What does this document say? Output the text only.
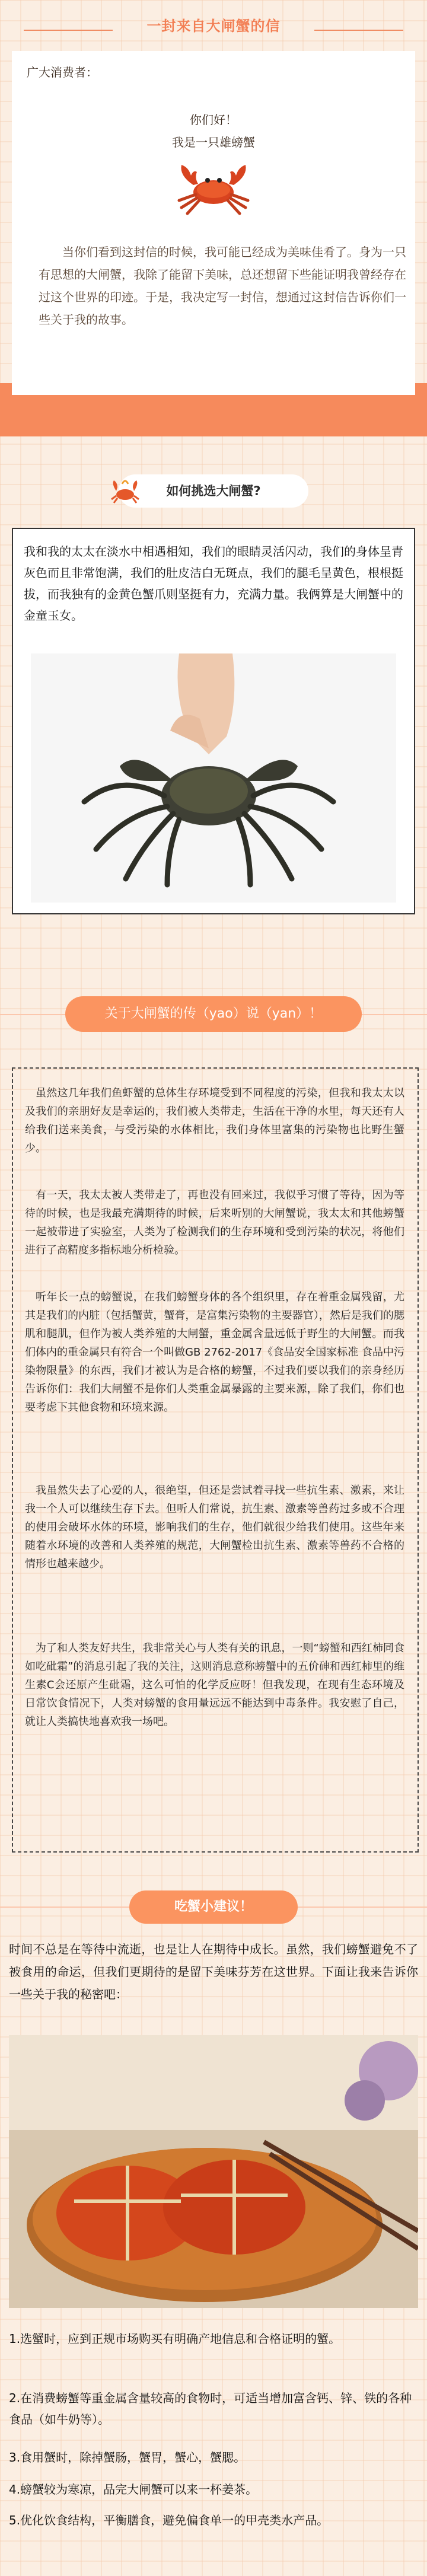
一封来自大闸蟹的信
广大消费者：
你们好！
我是一只雄螃蟹
当你们看到这封信的时候，我可能已经成为美味佳肴了。身为一只有思想的大闸蟹，我除了能留下美味，总还想留下些能证明我曾经存在过这个世界的印迹。于是，我决定写一封信，想通过这封信告诉你们一些关于我的故事。
如何挑选大闸蟹?
我和我的太太在淡水中相遇相知，我们的眼睛灵活闪动，我们的身体呈青灰色而且非常饱满，我们的肚皮洁白无斑点，我们的腿毛呈黄色，根根挺拔，而我独有的金黄色蟹爪则坚挺有力，充满力量。我俩算是大闸蟹中的金童玉女。
关于大闸蟹的传（yao）说（yan）！
虽然这几年我们鱼虾蟹的总体生存环境受到不同程度的污染，但我和我太太以及我们的亲朋好友是幸运的，我们被人类带走，生活在干净的水里，每天还有人给我们送来美食，与受污染的水体相比，我们身体里富集的污染物也比野生蟹少。
有一天，我太太被人类带走了，再也没有回来过，我似乎习惯了等待，因为等待的时候，也是我最充满期待的时候，后来听别的大闸蟹说，我太太和其他螃蟹一起被带进了实验室，人类为了检测我们的生存环境和受到污染的状况，将他们进行了高精度多指标地分析检验。
听年长一点的螃蟹说，在我们螃蟹身体的各个组织里，存在着重金属残留，尤其是我们的内脏（包括蟹黄，蟹膏，是富集污染物的主要器官），然后是我们的腮肌和腿肌，但作为被人类养殖的大闸蟹，重金属含量远低于野生的大闸蟹。而我们体内的重金属只有符合一个叫做GB 2762-2017《食品安全国家标准 食品中污染物限量》的东西，我们才被认为是合格的螃蟹，不过我们要以我们的亲身经历告诉你们：我们大闸蟹不是你们人类重金属暴露的主要来源，除了我们，你们也要考虑下其他食物和环境来源。
我虽然失去了心爱的人，很绝望，但还是尝试着寻找一些抗生素、激素，来让我一个人可以继续生存下去。但听人们常说，抗生素、激素等兽药过多或不合理的使用会破坏水体的环境，影响我们的生存，他们就很少给我们使用。这些年来随着水环境的改善和人类养殖的规范，大闸蟹检出抗生素、激素等兽药不合格的情形也越来越少。
为了和人类友好共生，我非常关心与人类有关的讯息，一则“螃蟹和西红柿同食如吃砒霜”的消息引起了我的关注，这则消息意称螃蟹中的五价砷和西红柿里的维生素C会还原产生砒霜，这么可怕的化学反应呀！但我发现，在现有生态环境及日常饮食情况下，人类对螃蟹的食用量远远不能达到中毒条件。我安慰了自己，就让人类搞快地喜欢我一场吧。
吃蟹小建议！
时间不总是在等待中流逝，也是让人在期待中成长。虽然，我们螃蟹避免不了被食用的命运，但我们更期待的是留下美味芬芳在这世界。下面让我来告诉你一些关于我的秘密吧：
1.选蟹时，应到正规市场购买有明确产地信息和合格证明的蟹。
2.在消费螃蟹等重金属含量较高的食物时，可适当增加富含钙、锌、铁的各种食品（如牛奶等）。
3.食用蟹时，除掉蟹肠，蟹胃，蟹心，蟹腮。
4.螃蟹较为寒凉，品完大闸蟹可以来一杯姜茶。
5.优化饮食结构，平衡膳食，避免偏食单一的甲壳类水产品。
